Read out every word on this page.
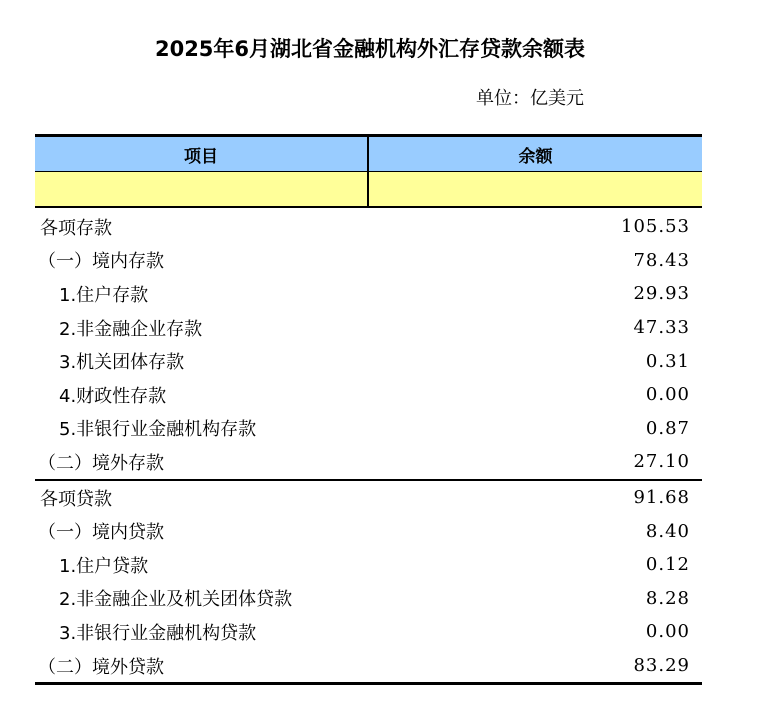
2025年6月湖北省金融机构外汇存贷款余额表
单位：亿美元
项目	余额
各项存款	105.53
（一）境内存款	78.43
1.住户存款	29.93
2.非金融企业存款	47.33
3.机关团体存款	0.31
4.财政性存款	0.00
5.非银行业金融机构存款	0.87
（二）境外存款	27.10
各项贷款	91.68
（一）境内贷款	8.40
1.住户贷款	0.12
2.非金融企业及机关团体贷款	8.28
3.非银行业金融机构贷款	0.00
（二）境外贷款	83.29
